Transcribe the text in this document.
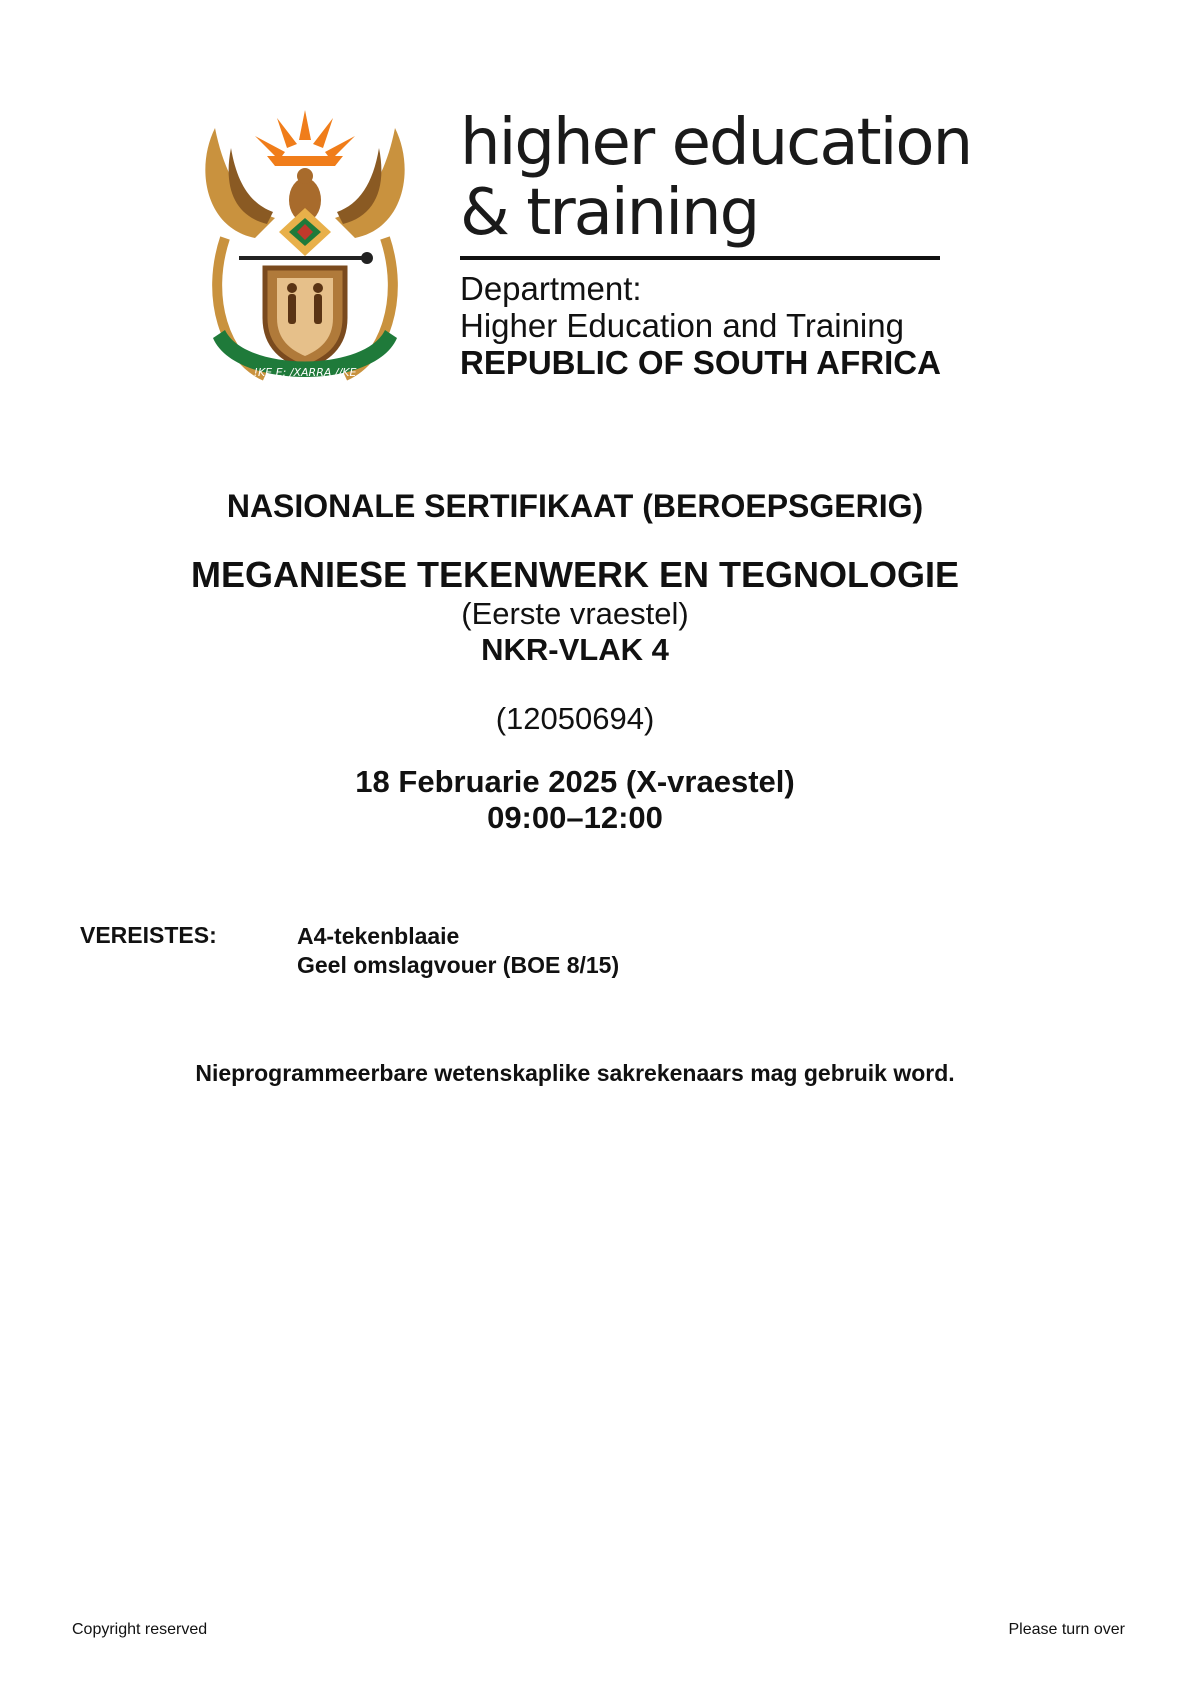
!KE E: /XARRA //KE
higher education
& training
Department:
Higher Education and Training
REPUBLIC OF SOUTH AFRICA
NASIONALE SERTIFIKAAT (BEROEPSGERIG)
MEGANIESE TEKENWERK EN TEGNOLOGIE
(Eerste vraestel)
NKR-VLAK 4
(12050694)
18 Februarie 2025 (X-vraestel)
09:00–12:00
VEREISTES:	A4-tekenblaaie
Geel omslagvouer (BOE 8/15)
Nieprogrammeerbare wetenskaplike sakrekenaars mag gebruik word.
Copyright reserved	Please turn over
